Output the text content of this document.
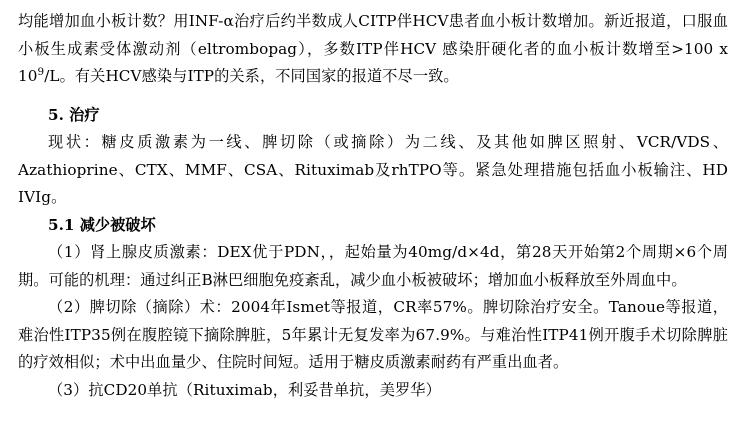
均能增加血小板计数？用INF-α治疗后约半数成人CITP伴HCV患者血小板计数增加。新近报道，口服血小板生成素受体激动剂（eltrombopag），多数ITP伴HCV 感染肝硬化者的血小板计数增至>100 x $10^9/L$。有关HCV感染与ITP的关系，不同国家的报道不尽一致。

5. 治疗

现状：糖皮质激素为一线、脾切除（或摘除）为二线、及其他如脾区照射、VCR/VDS、Azathioprine、CTX、MMF、CSA、Rituximab及rhTPO等。紧急处理措施包括血小板输注、HD IVIg。

5.1 减少被破坏

（1）肾上腺皮质激素：DEX优于PDN，，起始量为40mg/d×4d，第28天开始第2个周期×6个周期。可能的机理：通过纠正B淋巴细胞免疫紊乱，减少血小板被破坏；增加血小板释放至外周血中。

（2）脾切除（摘除）术：2004年Ismet等报道，CR率57%。脾切除治疗安全。Tanoue等报道，难治性ITP35例在腹腔镜下摘除脾脏，5年累计无复发率为67.9%。与难治性ITP41例开腹手术切除脾脏的疗效相似；术中出血量少、住院时间短。适用于糖皮质激素耐药有严重出血者。

（3）抗CD20单抗（Rituximab，利妥昔单抗，美罗华）
